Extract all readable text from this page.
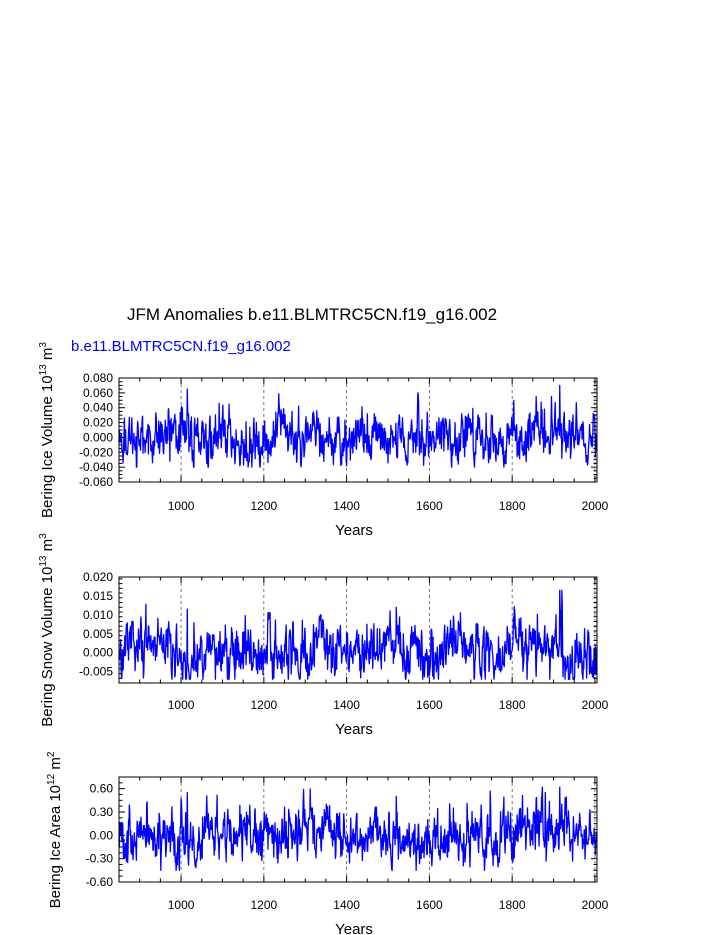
JFM Anomalies b.e11.BLMTRC5CN.f19_g16.002
b.e11.BLMTRC5CN.f19_g16.002
1000	1200	1400	1600	1800	2000
-0.060
-0.040
-0.020
0.000
0.020
0.040
0.060
0.080
Years
Bering Ice Volume $10^{13}$ $m^3$
1000	1200	1400	1600	1800	2000
-0.005
0.000
0.005
0.010
0.015
0.020
Years
Bering Snow Volume $10^{13}$ $m^3$
1000	1200	1400	1600	1800	2000
-0.60
-0.30
0.00
0.30
0.60
Years
Bering Ice Area $10^{12}$ $m^2$
